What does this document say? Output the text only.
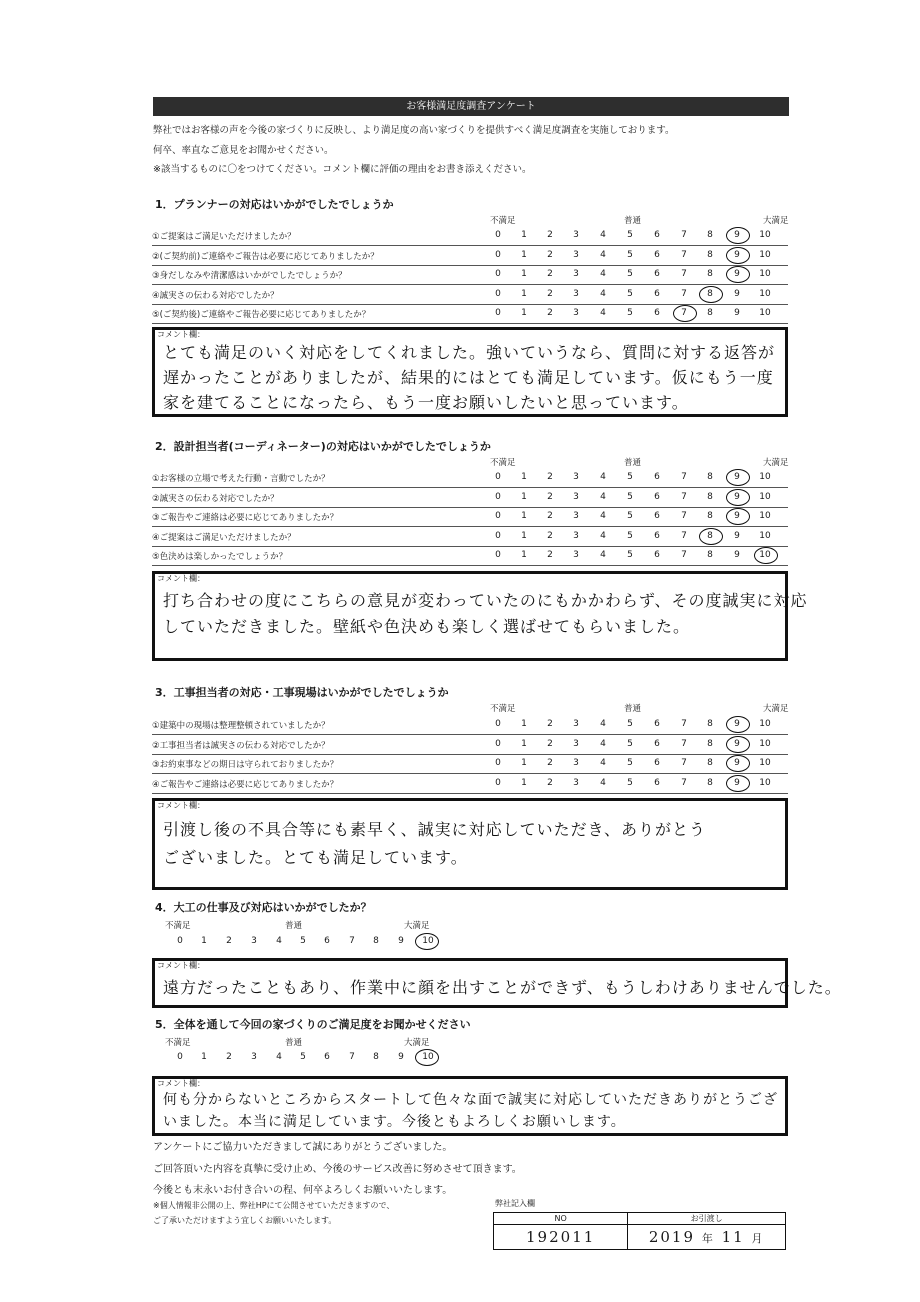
お客様満足度調査アンケート
弊社ではお客様の声を今後の家づくりに反映し、より満足度の高い家づくりを提供すべく満足度調査を実施しております。
何卒、率直なご意見をお聞かせください。
※該当するものに〇をつけてください。コメント欄に評価の理由をお書き添えください。
1．プランナーの対応はいかがでしたでしょうか
不満足	普通	大満足
コメント欄：
とても満足のいく対応をしてくれました。強いていうなら、質問に対する返答が
遅かったことがありましたが、結果的にはとても満足しています。仮にもう一度
家を建てることになったら、もう一度お願いしたいと思っています。
2．設計担当者(コーディネーター)の対応はいかがでしたでしょうか
不満足	普通	大満足
コメント欄：
打ち合わせの度にこちらの意見が変わっていたのにもかかわらず、その度誠実に対応
していただきました。壁紙や色決めも楽しく選ばせてもらいました。
3．工事担当者の対応・工事現場はいかがでしたでしょうか
不満足	普通	大満足
コメント欄：
引渡し後の不具合等にも素早く、誠実に対応していただき、ありがとう
ございました。とても満足しています。
4．大工の仕事及び対応はいかがでしたか？
不満足	普通	大満足
コメント欄：
遠方だったこともあり、作業中に顔を出すことができず、もうしわけありませんでした。
5．全体を通して今回の家づくりのご満足度をお聞かせください
不満足	普通	大満足
コメント欄：
何も分からないところからスタートして色々な面で誠実に対応していただきありがとうござ
いました。本当に満足しています。今後ともよろしくお願いします。
アンケートにご協力いただきまして誠にありがとうございました。
ご回答頂いた内容を真摯に受け止め、今後のサービス改善に努めさせて頂きます。
今後とも末永いお付き合いの程、何卒よろしくお願いいたします。
※個人情報非公開の上、弊社HPにて公開させていただきますので、
ご了承いただけますよう宜しくお願いいたします。
弊社記入欄
NO	お引渡し
192011	2019 年 11 月
①ご提案はご満足いただけましたか？	0	1	2	3	4	5	6	7	8	9	10
②(ご契約前)ご連絡やご報告は必要に応じてありましたか？	0	1	2	3	4	5	6	7	8	9	10
③身だしなみや清潔感はいかがでしたでしょうか？	0	1	2	3	4	5	6	7	8	9	10
④誠実さの伝わる対応でしたか？	0	1	2	3	4	5	6	7	8	9	10
⑤(ご契約後)ご連絡やご報告必要に応じてありましたか？	0	1	2	3	4	5	6	7	8	9	10
①お客様の立場で考えた行動・言動でしたか？	0	1	2	3	4	5	6	7	8	9	10
②誠実さの伝わる対応でしたか？	0	1	2	3	4	5	6	7	8	9	10
③ご報告やご連絡は必要に応じてありましたか？	0	1	2	3	4	5	6	7	8	9	10
④ご提案はご満足いただけましたか？	0	1	2	3	4	5	6	7	8	9	10
⑤色決めは楽しかったでしょうか？	0	1	2	3	4	5	6	7	8	9	10
①建築中の現場は整理整頓されていましたか？	0	1	2	3	4	5	6	7	8	9	10
②工事担当者は誠実さの伝わる対応でしたか？	0	1	2	3	4	5	6	7	8	9	10
③お約束事などの期日は守られておりましたか？	0	1	2	3	4	5	6	7	8	9	10
④ご報告やご連絡は必要に応じてありましたか？	0	1	2	3	4	5	6	7	8	9	10
0	1	2	3	4	5	6	7	8	9	10
0	1	2	3	4	5	6	7	8	9	10
